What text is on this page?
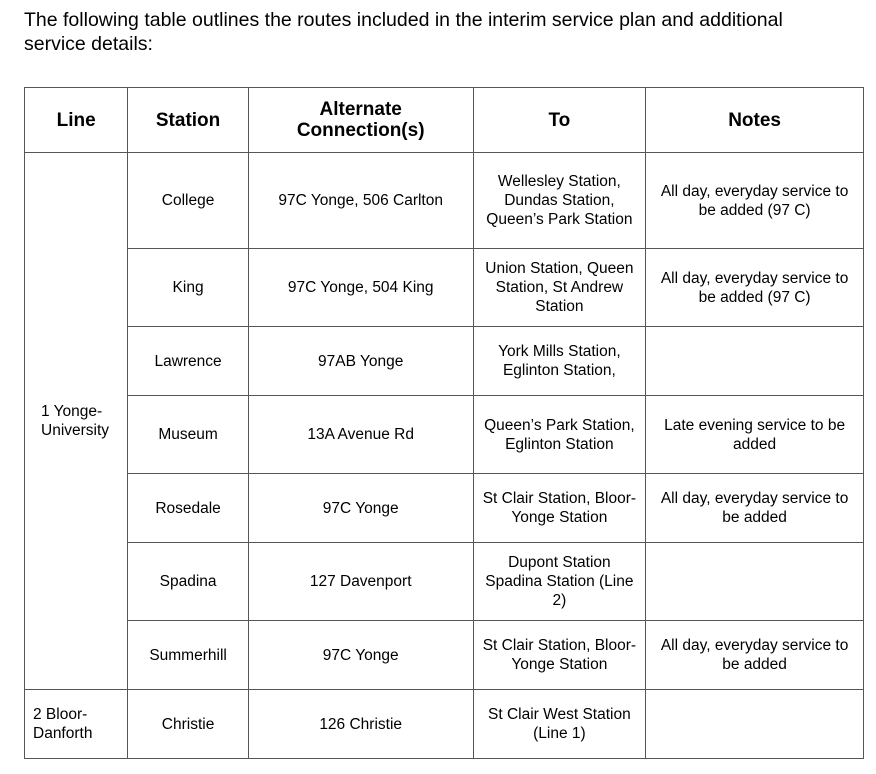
The following table outlines the routes included in the interim service plan and additional service details:

Line	Station	Alternate Connection(s)	To	Notes
1 Yonge-University	College	97C Yonge, 506 Carlton	Wellesley Station, Dundas Station, Queen’s Park Station	All day, everyday service to be added (97 C)
	King	97C Yonge, 504 King	Union Station, Queen Station, St Andrew Station	All day, everyday service to be added (97 C)
	Lawrence	97AB Yonge	York Mills Station, Eglinton Station,	
	Museum	13A Avenue Rd	Queen’s Park Station, Eglinton Station	Late evening service to be added
	Rosedale	97C Yonge	St Clair Station, Bloor-Yonge Station	All day, everyday service to be added
	Spadina	127 Davenport	Dupont Station Spadina Station (Line 2)	
	Summerhill	97C Yonge	St Clair Station, Bloor-Yonge Station	All day, everyday service to be added
2 Bloor-Danforth	Christie	126 Christie	St Clair West Station (Line 1)	
